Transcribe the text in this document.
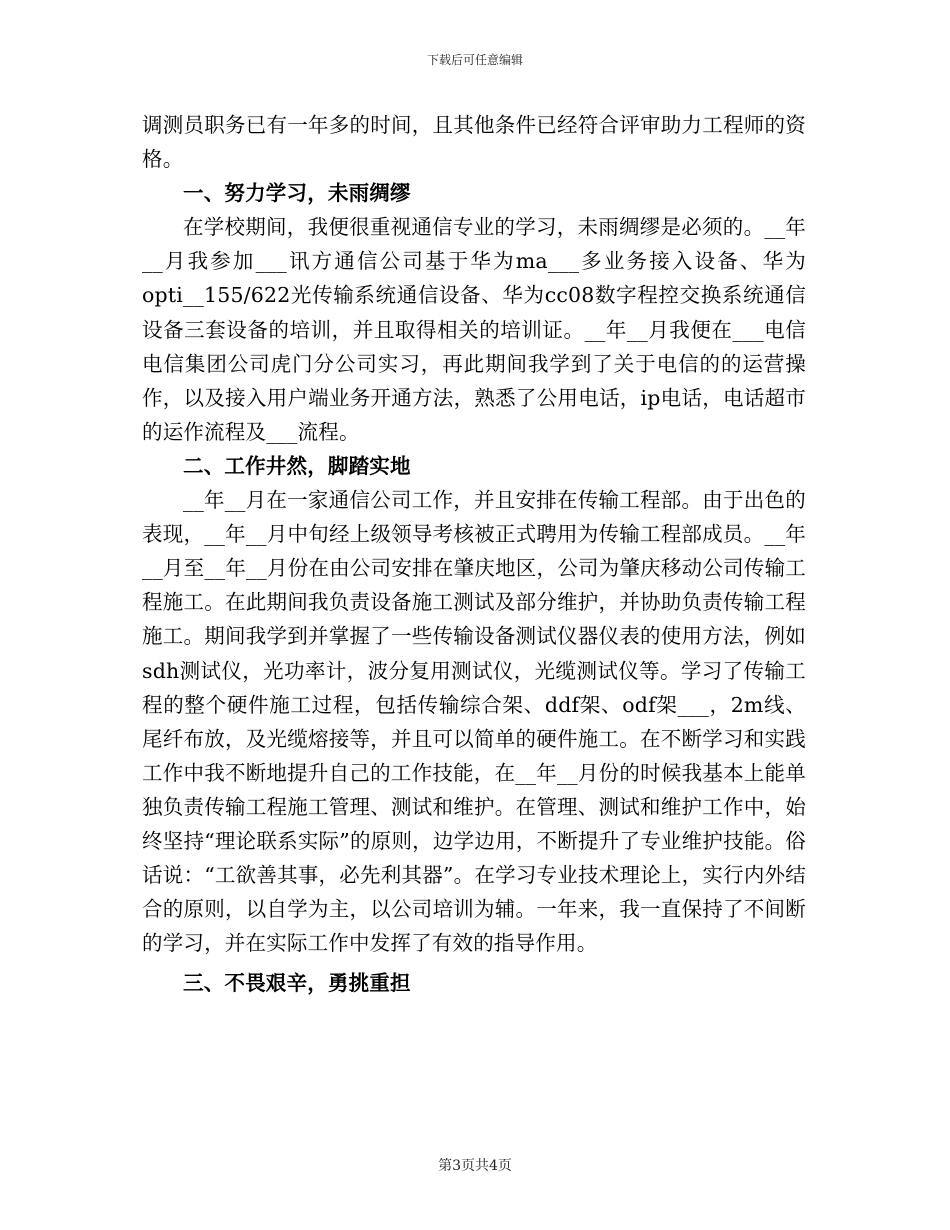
下载后可任意编辑

调测员职务已有一年多的时间，且其他条件已经符合评审助力工程师的资格。

一、努力学习，未雨绸缪

在学校期间，我便很重视通信专业的学习，未雨绸缪是必须的。__年__月我参加___讯方通信公司基于华为ma___多业务接入设备、华为opti__155/622光传输系统通信设备、华为cc08数字程控交换系统通信设备三套设备的培训，并且取得相关的培训证。__年__月我便在___电信电信集团公司虎门分公司实习，再此期间我学到了关于电信的的运营操作，以及接入用户端业务开通方法，熟悉了公用电话，ip电话，电话超市的运作流程及___流程。

二、工作井然，脚踏实地

__年__月在一家通信公司工作，并且安排在传输工程部。由于出色的表现，__年__月中旬经上级领导考核被正式聘用为传输工程部成员。__年__月至__年__月份在由公司安排在肇庆地区，公司为肇庆移动公司传输工程施工。在此期间我负责设备施工测试及部分维护，并协助负责传输工程施工。期间我学到并掌握了一些传输设备测试仪器仪表的使用方法，例如sdh测试仪，光功率计，波分复用测试仪，光缆测试仪等。学习了传输工程的整个硬件施工过程，包括传输综合架、ddf架、odf架___，2m线、尾纤布放，及光缆熔接等，并且可以简单的硬件施工。在不断学习和实践工作中我不断地提升自己的工作技能，在__年__月份的时候我基本上能单独负责传输工程施工管理、测试和维护。在管理、测试和维护工作中，始终坚持“理论联系实际”的原则，边学边用，不断提升了专业维护技能。俗话说：“工欲善其事，必先利其器”。在学习专业技术理论上，实行内外结合的原则，以自学为主，以公司培训为辅。一年来，我一直保持了不间断的学习，并在实际工作中发挥了有效的指导作用。

三、不畏艰辛，勇挑重担

第3页共4页
